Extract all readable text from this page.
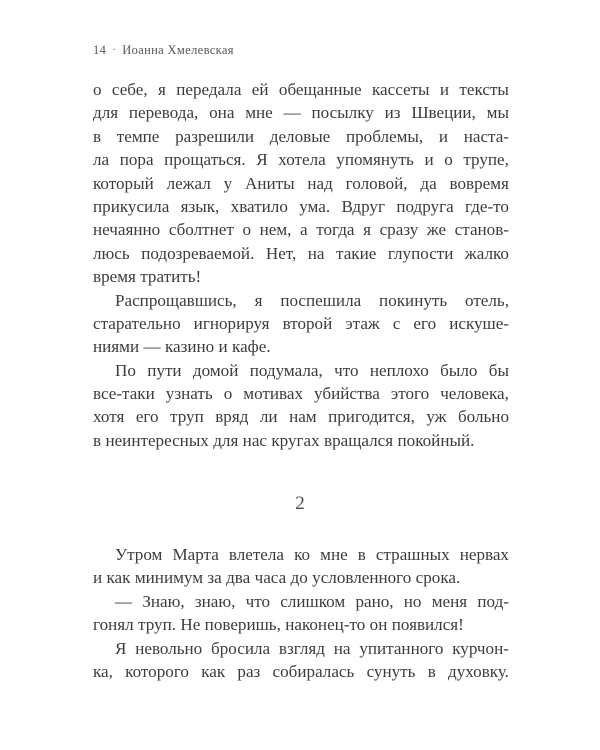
14 · Иоанна Хмелевская
о себе, я передала ей обещанные кассеты и тексты
для перевода, она мне — посылку из Швеции, мы
в темпе разрешили деловые проблемы, и наста-
ла пора прощаться. Я хотела упомянуть и о трупе,
который лежал у Аниты над головой, да вовремя
прикусила язык, хватило ума. Вдруг подруга где-то
нечаянно сболтнет о нем, а тогда я сразу же станов-
люсь подозреваемой. Нет, на такие глупости жалко
время тратить!
Распрощавшись, я поспешила покинуть отель,
старательно игнорируя второй этаж с его искуше-
ниями — казино и кафе.
По пути домой подумала, что неплохо было бы
все-таки узнать о мотивах убийства этого человека,
хотя его труп вряд ли нам пригодится, уж больно
в неинтересных для нас кругах вращался покойный.
2
Утром Марта влетела ко мне в страшных нервах
и как минимум за два часа до условленного срока.
— Знаю, знаю, что слишком рано, но меня под-
гонял труп. Не поверишь, наконец-то он появился!
Я невольно бросила взгляд на упитанного курчон-
ка, которого как раз собиралась сунуть в духовку.
